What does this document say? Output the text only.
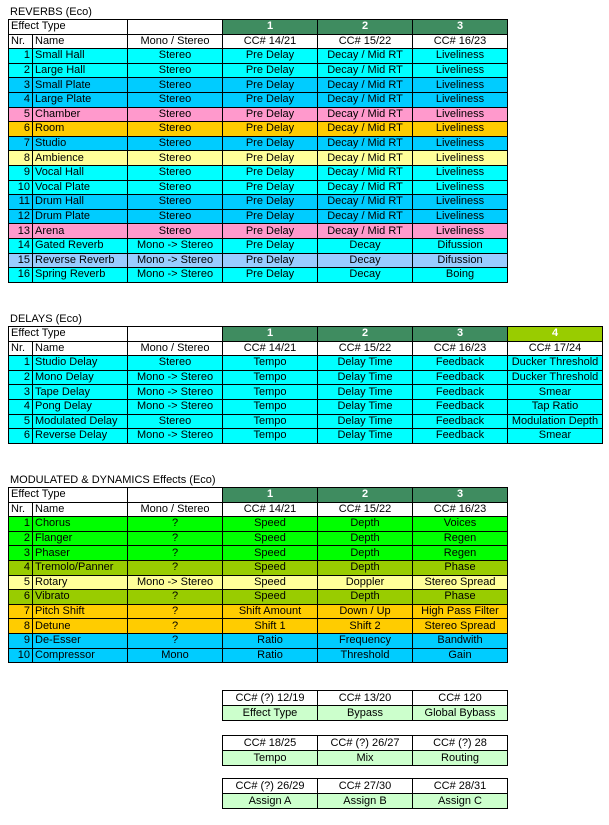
REVERBS (Eco)
Effect Type			1	2	3
Nr.	Name	Mono / Stereo	CC# 14/21	CC# 15/22	CC# 16/23
1	Small Hall	Stereo	Pre Delay	Decay / Mid RT	Liveliness
2	Large Hall	Stereo	Pre Delay	Decay / Mid RT	Liveliness
3	Small Plate	Stereo	Pre Delay	Decay / Mid RT	Liveliness
4	Large Plate	Stereo	Pre Delay	Decay / Mid RT	Liveliness
5	Chamber	Stereo	Pre Delay	Decay / Mid RT	Liveliness
6	Room	Stereo	Pre Delay	Decay / Mid RT	Liveliness
7	Studio	Stereo	Pre Delay	Decay / Mid RT	Liveliness
8	Ambience	Stereo	Pre Delay	Decay / Mid RT	Liveliness
9	Vocal Hall	Stereo	Pre Delay	Decay / Mid RT	Liveliness
10	Vocal Plate	Stereo	Pre Delay	Decay / Mid RT	Liveliness
11	Drum Hall	Stereo	Pre Delay	Decay / Mid RT	Liveliness
12	Drum Plate	Stereo	Pre Delay	Decay / Mid RT	Liveliness
13	Arena	Stereo	Pre Delay	Decay / Mid RT	Liveliness
14	Gated Reverb	Mono -> Stereo	Pre Delay	Decay	Difussion
15	Reverse Reverb	Mono -> Stereo	Pre Delay	Decay	Difussion
16	Spring Reverb	Mono -> Stereo	Pre Delay	Decay	Boing
DELAYS (Eco)
Effect Type			1	2	3	4
Nr.	Name	Mono / Stereo	CC# 14/21	CC# 15/22	CC# 16/23	CC# 17/24
1	Studio Delay	Stereo	Tempo	Delay Time	Feedback	Ducker Threshold
2	Mono Delay	Mono -> Stereo	Tempo	Delay Time	Feedback	Ducker Threshold
3	Tape Delay	Mono -> Stereo	Tempo	Delay Time	Feedback	Smear
4	Pong Delay	Mono -> Stereo	Tempo	Delay Time	Feedback	Tap Ratio
5	Modulated Delay	Stereo	Tempo	Delay Time	Feedback	Modulation Depth
6	Reverse Delay	Mono -> Stereo	Tempo	Delay Time	Feedback	Smear
MODULATED & DYNAMICS Effects (Eco)
Effect Type			1	2	3
Nr.	Name	Mono / Stereo	CC# 14/21	CC# 15/22	CC# 16/23
1	Chorus	?	Speed	Depth	Voices
2	Flanger	?	Speed	Depth	Regen
3	Phaser	?	Speed	Depth	Regen
4	Tremolo/Panner	?	Speed	Depth	Phase
5	Rotary	Mono -> Stereo	Speed	Doppler	Stereo Spread
6	Vibrato	?	Speed	Depth	Phase
7	Pitch Shift	?	Shift Amount	Down / Up	High Pass Filter
8	Detune	?	Shift 1	Shift 2	Stereo Spread
9	De-Esser	?	Ratio	Frequency	Bandwith
10	Compressor	Mono	Ratio	Threshold	Gain
CC# (?) 12/19	CC# 13/20	CC# 120
Effect Type	Bypass	Global Bybass
CC# 18/25	CC# (?) 26/27	CC# (?) 28
Tempo	Mix	Routing
CC# (?) 26/29	CC# 27/30	CC# 28/31
Assign A	Assign B	Assign C
